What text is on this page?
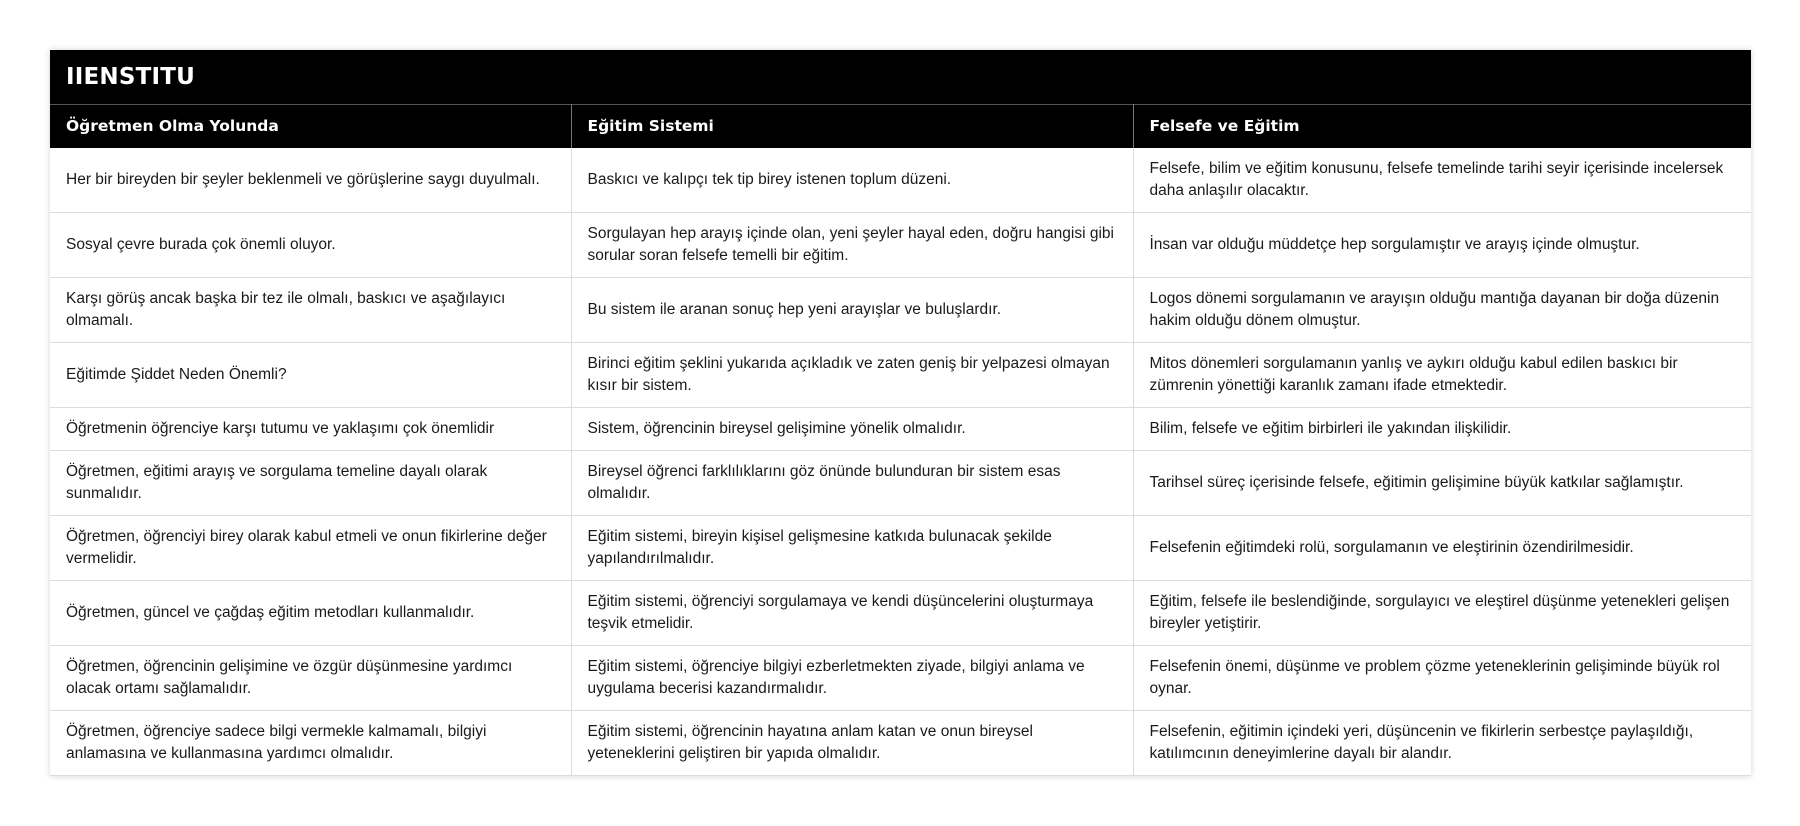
IIENSTITU
Öğretmen Olma Yolunda	Eğitim Sistemi	Felsefe ve Eğitim
Her bir bireyden bir şeyler beklenmeli ve görüşlerine saygı duyulmalı.	Baskıcı ve kalıpçı tek tip birey istenen toplum düzeni.	Felsefe, bilim ve eğitim konusunu, felsefe temelinde tarihi seyir içerisinde incelersek daha anlaşılır olacaktır.
Sosyal çevre burada çok önemli oluyor.	Sorgulayan hep arayış içinde olan, yeni şeyler hayal eden, doğru hangisi gibi sorular soran felsefe temelli bir eğitim.	İnsan var olduğu müddetçe hep sorgulamıştır ve arayış içinde olmuştur.
Karşı görüş ancak başka bir tez ile olmalı, baskıcı ve aşağılayıcı olmamalı.	Bu sistem ile aranan sonuç hep yeni arayışlar ve buluşlardır.	Logos dönemi sorgulamanın ve arayışın olduğu mantığa dayanan bir doğa düzenin hakim olduğu dönem olmuştur.
Eğitimde Şiddet Neden Önemli?	Birinci eğitim şeklini yukarıda açıkladık ve zaten geniş bir yelpazesi olmayan kısır bir sistem.	Mitos dönemleri sorgulamanın yanlış ve aykırı olduğu kabul edilen baskıcı bir zümrenin yönettiği karanlık zamanı ifade etmektedir.
Öğretmenin öğrenciye karşı tutumu ve yaklaşımı çok önemlidir	Sistem, öğrencinin bireysel gelişimine yönelik olmalıdır.	Bilim, felsefe ve eğitim birbirleri ile yakından ilişkilidir.
Öğretmen, eğitimi arayış ve sorgulama temeline dayalı olarak sunmalıdır.	Bireysel öğrenci farklılıklarını göz önünde bulunduran bir sistem esas olmalıdır.	Tarihsel süreç içerisinde felsefe, eğitimin gelişimine büyük katkılar sağlamıştır.
Öğretmen, öğrenciyi birey olarak kabul etmeli ve onun fikirlerine değer vermelidir.	Eğitim sistemi, bireyin kişisel gelişmesine katkıda bulunacak şekilde yapılandırılmalıdır.	Felsefenin eğitimdeki rolü, sorgulamanın ve eleştirinin özendirilmesidir.
Öğretmen, güncel ve çağdaş eğitim metodları kullanmalıdır.	Eğitim sistemi, öğrenciyi sorgulamaya ve kendi düşüncelerini oluşturmaya teşvik etmelidir.	Eğitim, felsefe ile beslendiğinde, sorgulayıcı ve eleştirel düşünme yetenekleri gelişen bireyler yetiştirir.
Öğretmen, öğrencinin gelişimine ve özgür düşünmesine yardımcı olacak ortamı sağlamalıdır.	Eğitim sistemi, öğrenciye bilgiyi ezberletmekten ziyade, bilgiyi anlama ve uygulama becerisi kazandırmalıdır.	Felsefenin önemi, düşünme ve problem çözme yeteneklerinin gelişiminde büyük rol oynar.
Öğretmen, öğrenciye sadece bilgi vermekle kalmamalı, bilgiyi anlamasına ve kullanmasına yardımcı olmalıdır.	Eğitim sistemi, öğrencinin hayatına anlam katan ve onun bireysel yeteneklerini geliştiren bir yapıda olmalıdır.	Felsefenin, eğitimin içindeki yeri, düşüncenin ve fikirlerin serbestçe paylaşıldığı, katılımcının deneyimlerine dayalı bir alandır.
